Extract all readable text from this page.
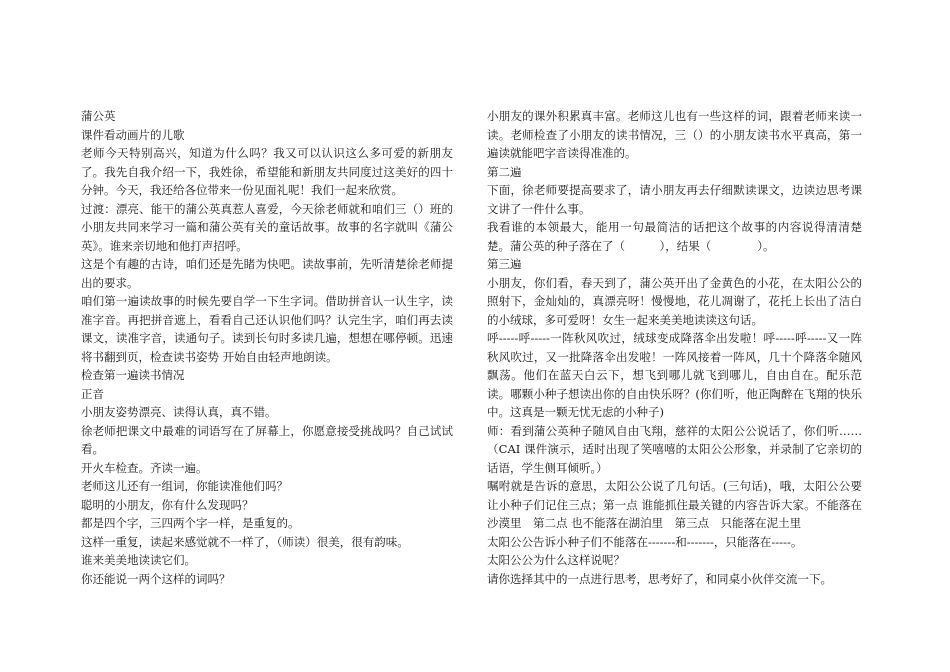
蒲公英

课件看动画片的儿歌

老师今天特别高兴，知道为什么吗？我又可以认识这么多可爱的新朋友了。我先自我介绍一下，我姓徐，希望能和新朋友共同度过这美好的四十分钟。今天，我还给各位带来一份见面礼呢！我们一起来欣赏。

过渡：漂亮、能干的蒲公英真惹人喜爱，今天徐老师就和咱们三（）班的小朋友共同来学习一篇和蒲公英有关的童话故事。故事的名字就叫《蒲公英》。谁来亲切地和他打声招呼。

这是个有趣的古诗，咱们还是先睹为快吧。读故事前，先听清楚徐老师提出的要求。

咱们第一遍读故事的时候先要自学一下生字词。借助拼音认一认生字，读准字音。再把拼音遮上，看看自己还认识他们吗？认完生字，咱们再去读课文，读准字音，读通句子。读到长句时多读几遍，想想在哪停顿。迅速将书翻到页，检查读书姿势 开始自由轻声地朗读。

检查第一遍读书情况

正音

小朋友姿势漂亮、读得认真，真不错。

徐老师把课文中最难的词语写在了屏幕上，你愿意接受挑战吗？自己试试看。

开火车检查。齐读一遍。

老师这儿还有一组词，你能读准他们吗？

聪明的小朋友，你有什么发现吗？

都是四个字，三四两个字一样，是重复的。

这样一重复，读起来感觉就不一样了，（师读）很美，很有韵味。

谁来美美地读读它们。

你还能说一两个这样的词吗？

小朋友的课外积累真丰富。老师这儿也有一些这样的词，跟着老师来读一读。老师检查了小朋友的读书情况，三（）的小朋友读书水平真高，第一遍读就能吧字音读得准准的。

第二遍

下面，徐老师要提高要求了，请小朋友再去仔细默读课文，边读边思考课文讲了一件什么事。

我看谁的本领最大，能用一句最简洁的话把这个故事的内容说得清清楚楚。蒲公英的种子落在了（　　　），结果（　　　　）。

第三遍

小朋友，你们看，春天到了，蒲公英开出了金黄色的小花，在太阳公公的照射下，金灿灿的，真漂亮呀！慢慢地，花儿凋谢了，花托上长出了洁白的小绒球，多可爱呀！女生一起来美美地读读这句话。

呼-----呼-----一阵秋风吹过，绒球变成降落伞出发啦！呼-----呼-----又一阵秋风吹过，又一批降落伞出发啦！一阵风接着一阵风，几十个降落伞随风飘荡。他们在蓝天白云下，想飞到哪儿就飞到哪儿，自由自在。配乐范读。哪颗小种子想读出你的自由快乐呀？(你们听，他正陶醉在飞翔的快乐中。这真是一颗无忧无虑的小种子)

师：看到蒲公英种子随风自由飞翔，慈祥的太阳公公说话了，你们听……（CAI 课件演示，适时出现了笑嘻嘻的太阳公公形象，并录制了它亲切的话语，学生侧耳倾听。）

嘱咐就是告诉的意思，太阳公公说了几句话。(三句话)，哦，太阳公公要让小种子们记住三点；第一点 谁能抓住最关键的内容告诉大家。不能落在沙漠里　第二点 也不能落在湖泊里　第三点　只能落在泥土里

太阳公公告诉小种子们不能落在-------和-------，只能落在-----。

太阳公公为什么这样说呢？

请你选择其中的一点进行思考，思考好了，和同桌小伙伴交流一下。
